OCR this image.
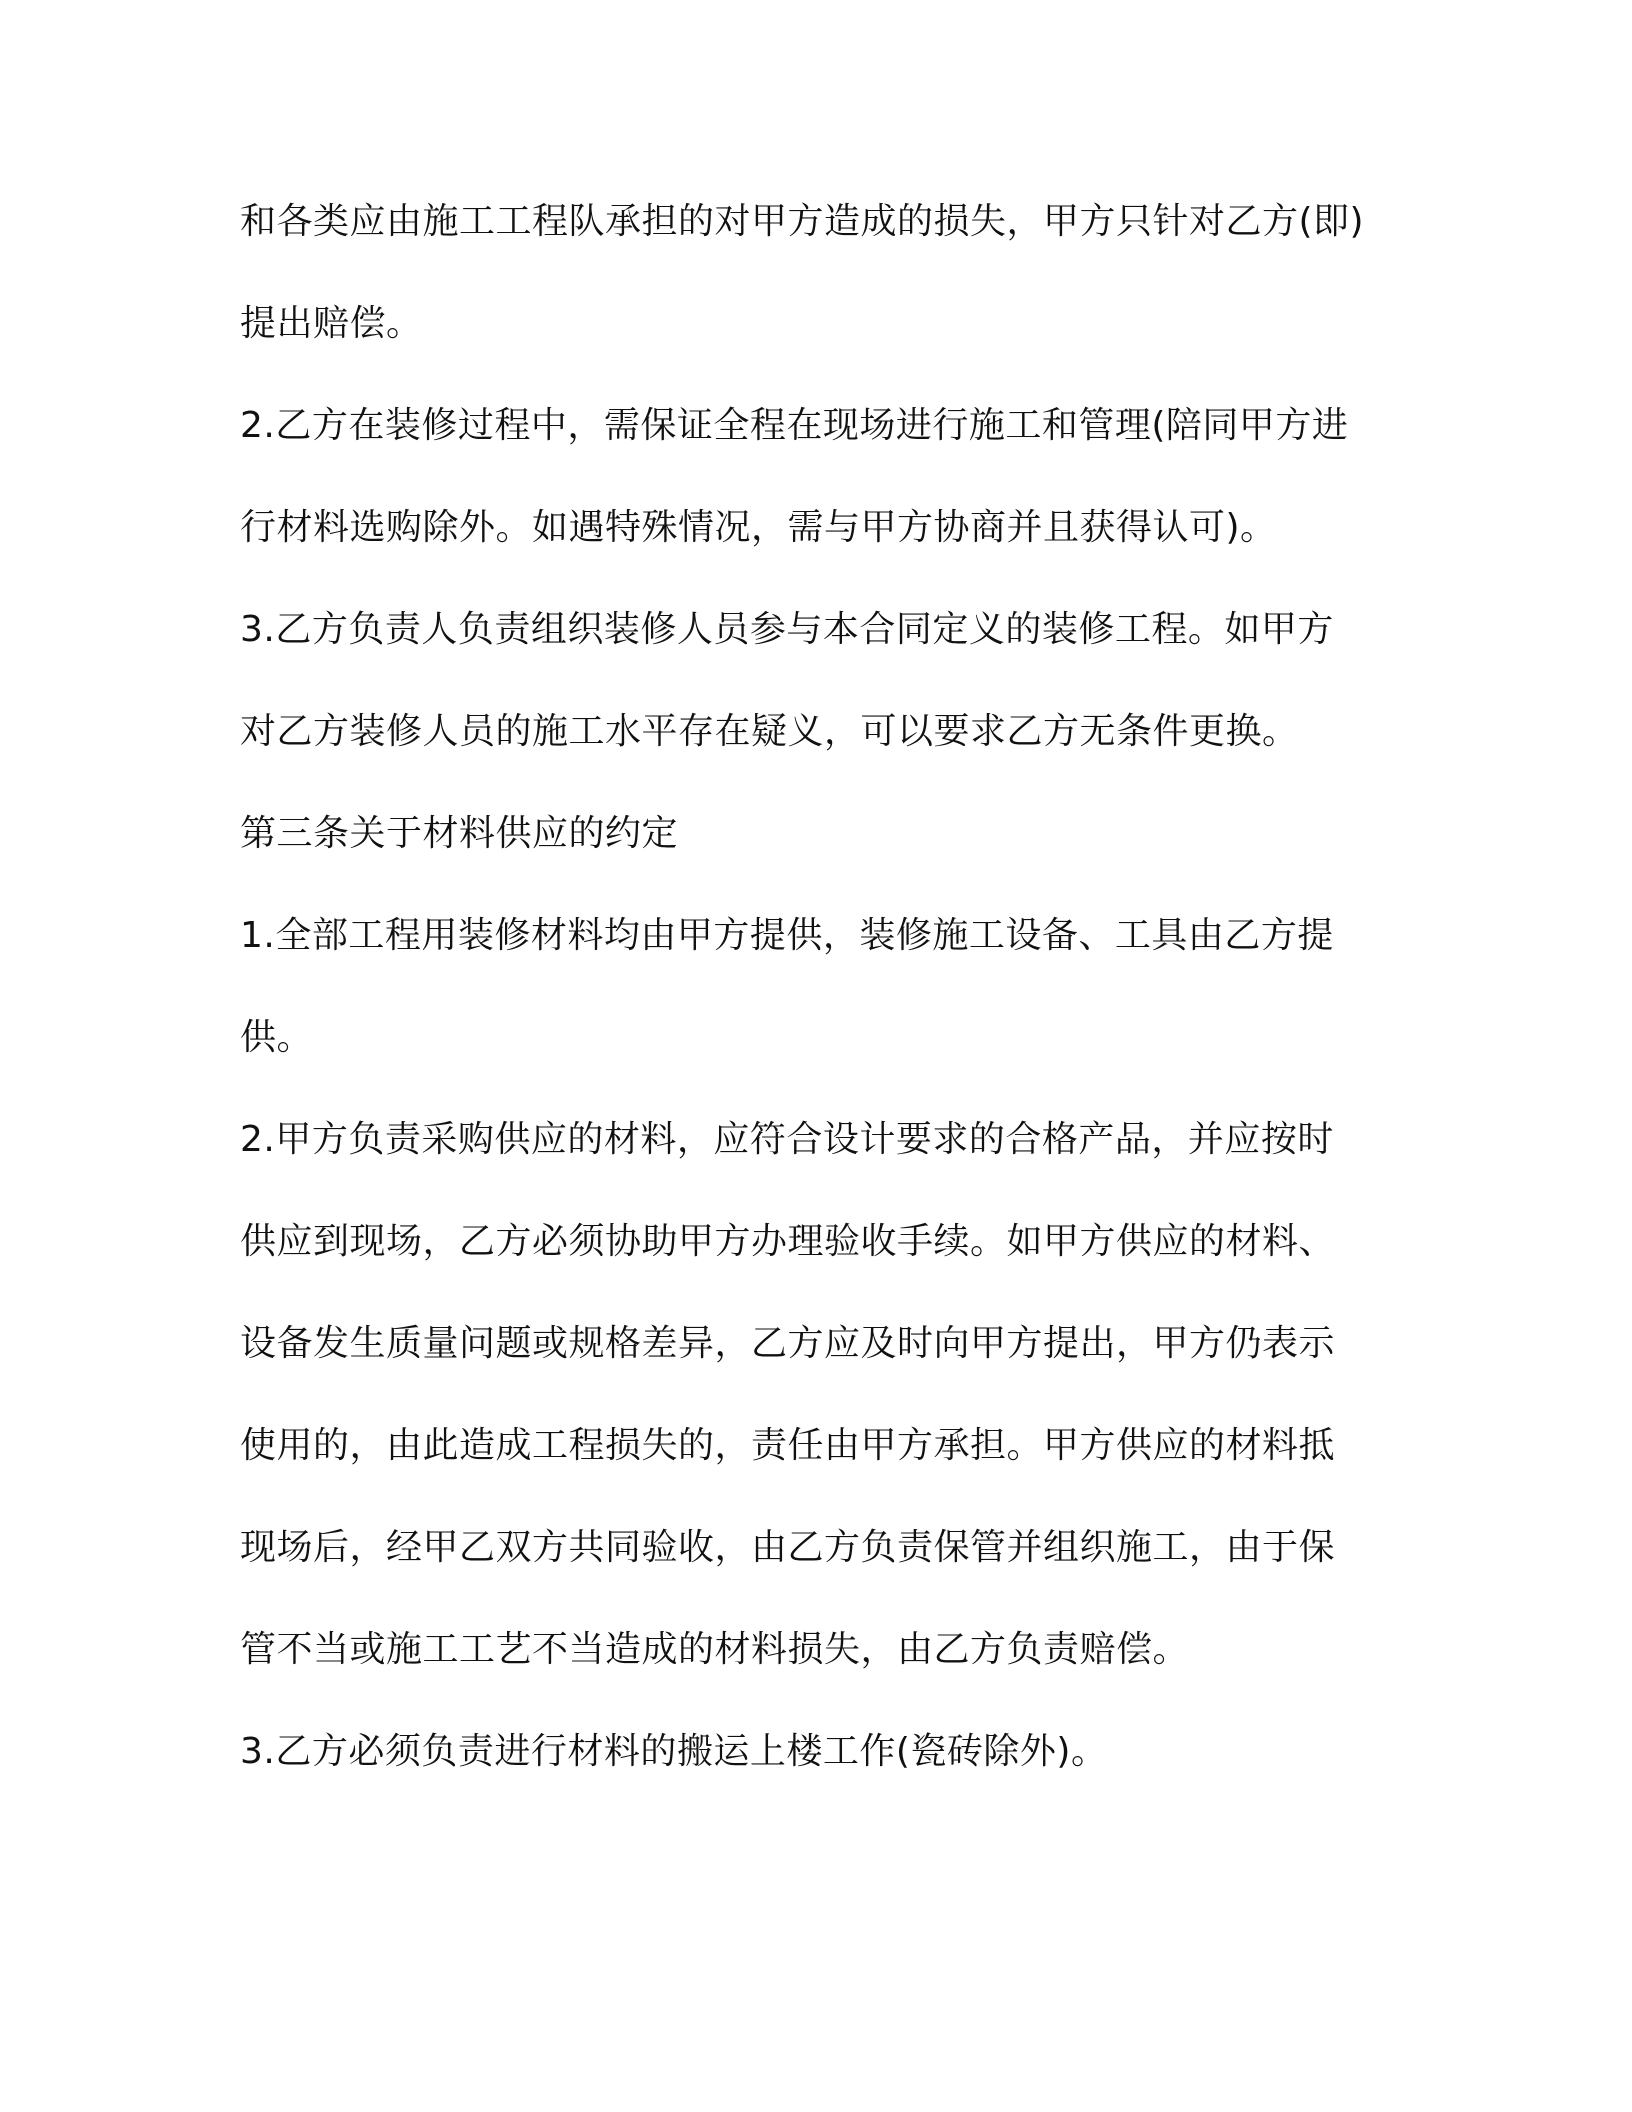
和各类应由施工工程队承担的对甲方造成的损失，甲方只针对乙方(即)
提出赔偿。
2.乙方在装修过程中，需保证全程在现场进行施工和管理(陪同甲方进
行材料选购除外。如遇特殊情况，需与甲方协商并且获得认可)。
3.乙方负责人负责组织装修人员参与本合同定义的装修工程。如甲方
对乙方装修人员的施工水平存在疑义，可以要求乙方无条件更换。
第三条关于材料供应的约定
1.全部工程用装修材料均由甲方提供，装修施工设备、工具由乙方提
供。
2.甲方负责采购供应的材料，应符合设计要求的合格产品，并应按时
供应到现场，乙方必须协助甲方办理验收手续。如甲方供应的材料、
设备发生质量问题或规格差异，乙方应及时向甲方提出，甲方仍表示
使用的，由此造成工程损失的，责任由甲方承担。甲方供应的材料抵
现场后，经甲乙双方共同验收，由乙方负责保管并组织施工，由于保
管不当或施工工艺不当造成的材料损失，由乙方负责赔偿。
3.乙方必须负责进行材料的搬运上楼工作(瓷砖除外)。
